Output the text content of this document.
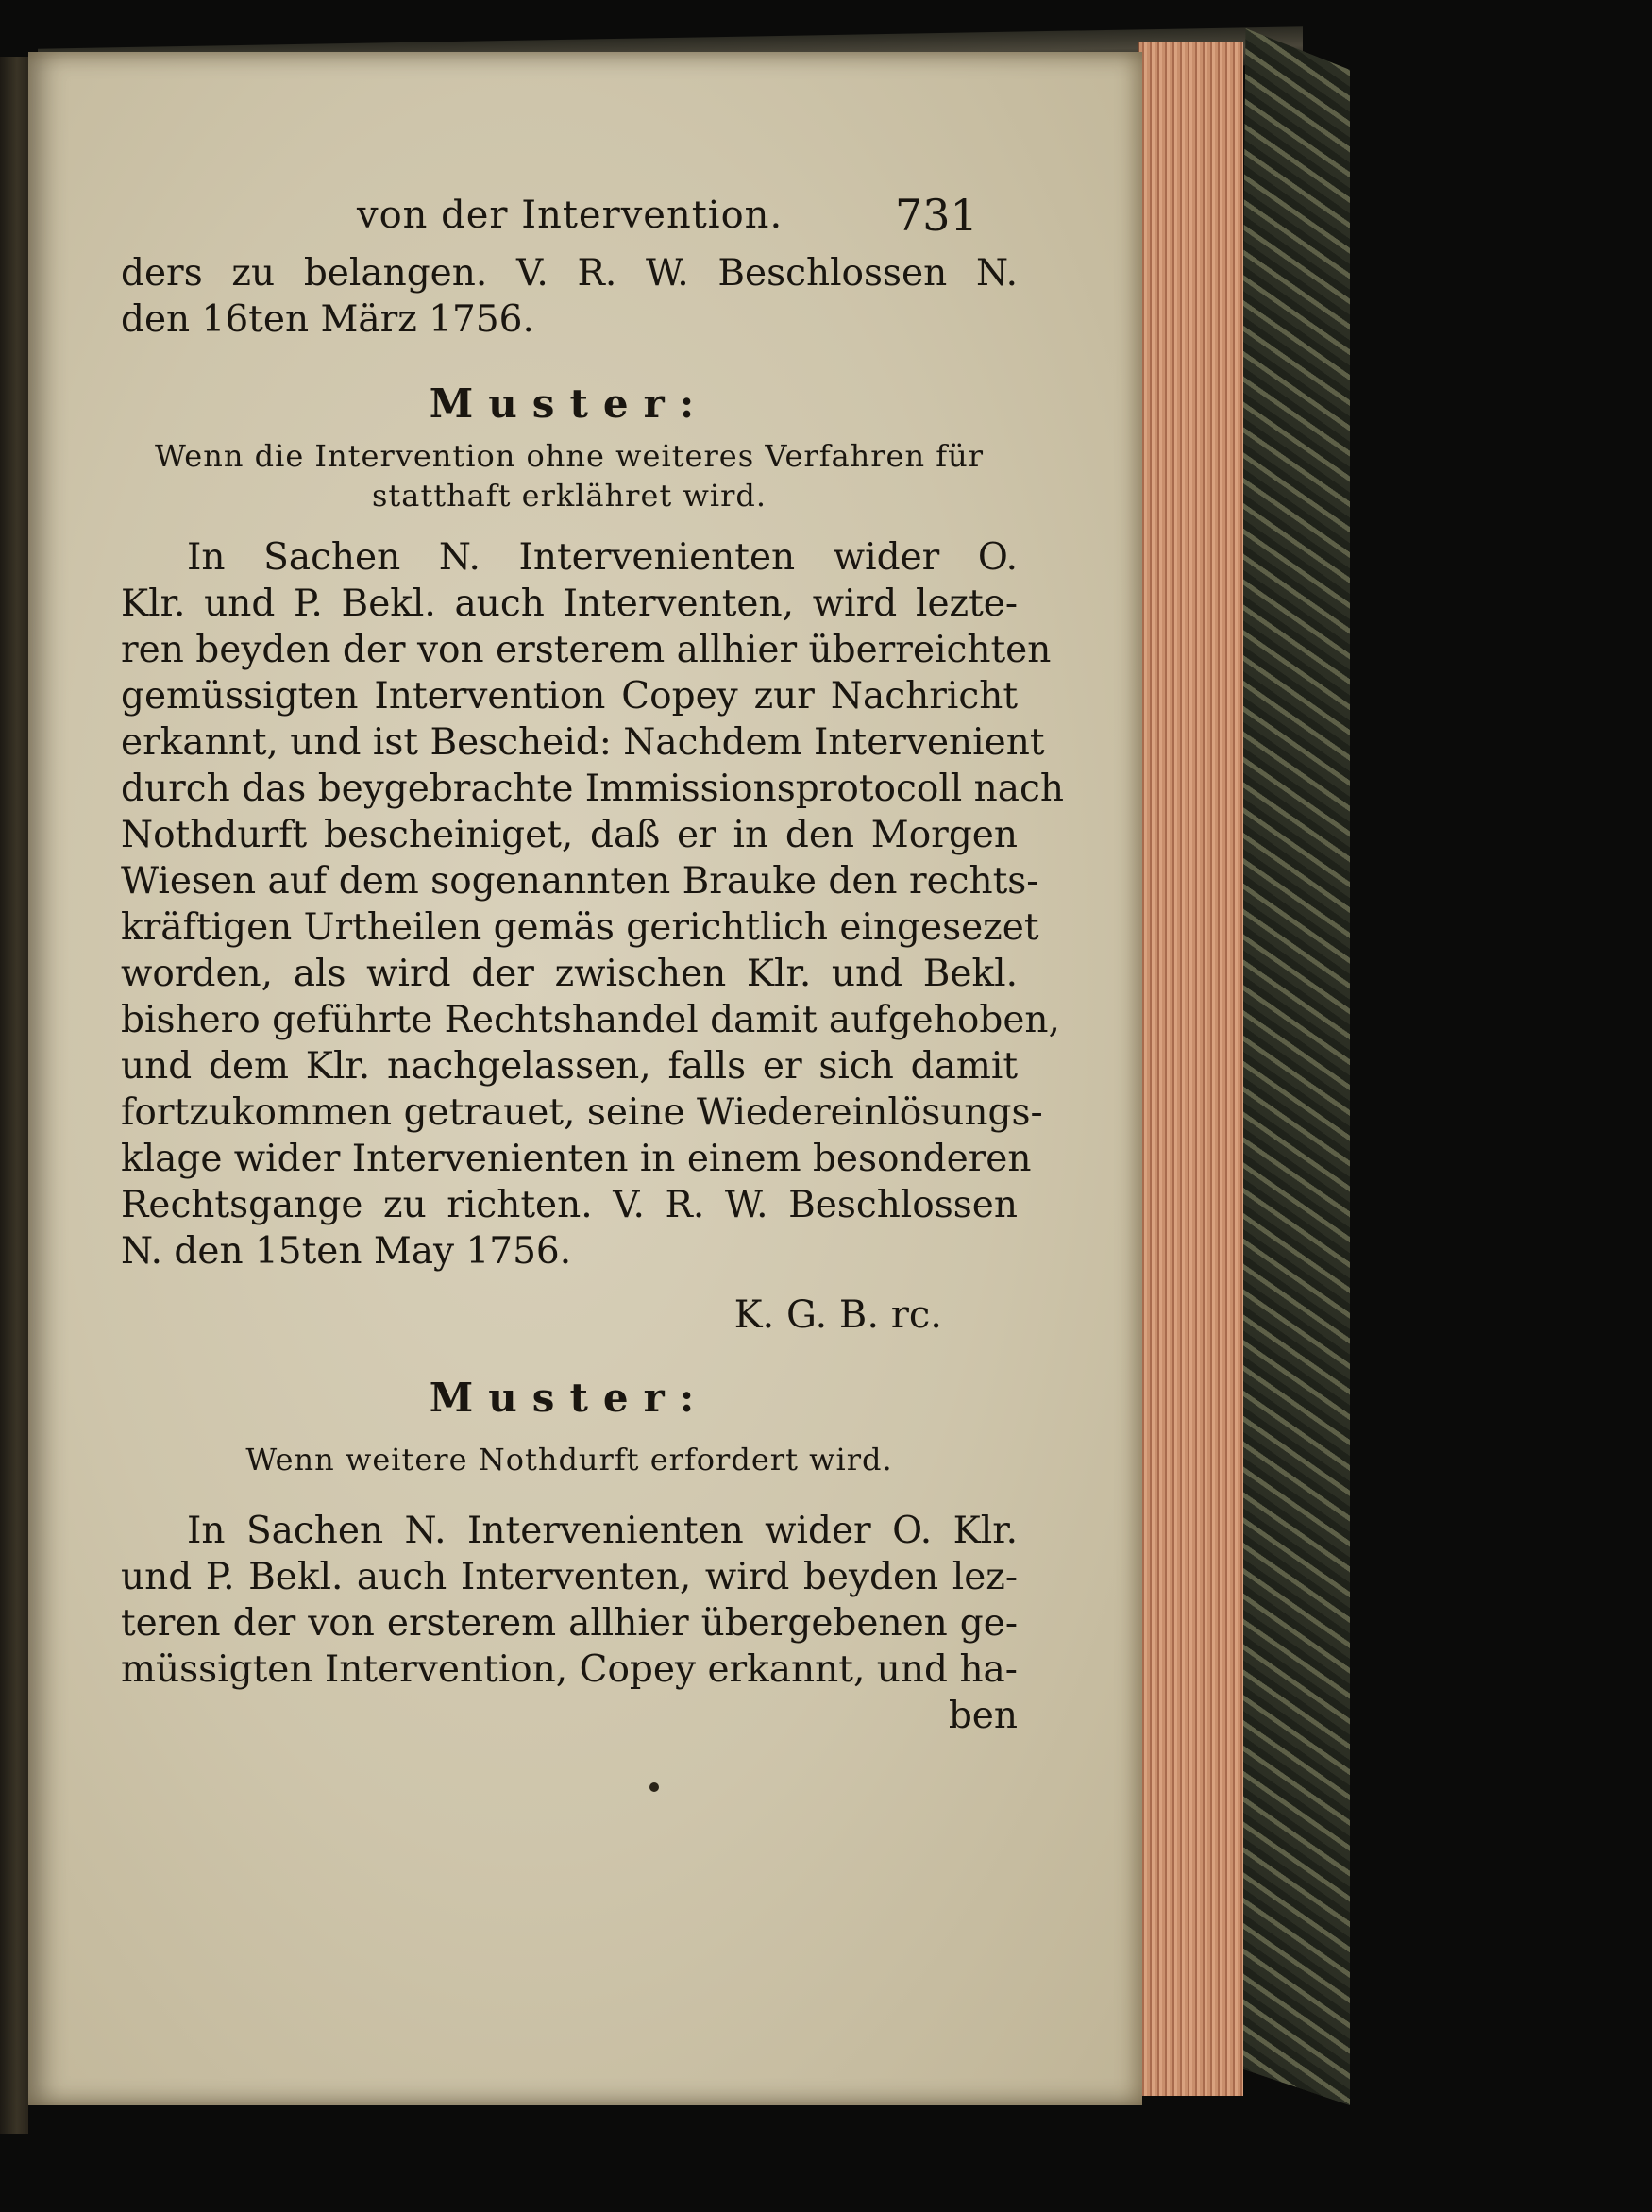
von der Intervention.	731
ders zu belangen. V. R. W. Beschlossen N.
den 16ten März 1756.
Muster:
Wenn die Intervention ohne weiteres Verfahren für
statthaft erklähret wird.
In Sachen N. Intervenienten wider O.
Klr. und P. Bekl. auch Interventen, wird lezte-
ren beyden der von ersterem allhier überreichten
gemüssigten Intervention Copey zur Nachricht
erkannt, und ist Bescheid: Nachdem Intervenient
durch das beygebrachte Immissionsprotocoll nach
Nothdurft bescheiniget, daß er in den Morgen
Wiesen auf dem sogenannten Brauke den rechts-
kräftigen Urtheilen gemäs gerichtlich eingesezet
worden, als wird der zwischen Klr. und Bekl.
bishero geführte Rechtshandel damit aufgehoben,
und dem Klr. nachgelassen, falls er sich damit
fortzukommen getrauet, seine Wiedereinlösungs-
klage wider Intervenienten in einem besonderen
Rechtsgange zu richten. V. R. W. Beschlossen
N. den 15ten May 1756.
K. G. B. rc.
Muster:
Wenn weitere Nothdurft erfordert wird.
In Sachen N. Intervenienten wider O. Klr.
und P. Bekl. auch Interventen, wird beyden lez-
teren der von ersterem allhier übergebenen ge-
müssigten Intervention, Copey erkannt, und ha-
ben
